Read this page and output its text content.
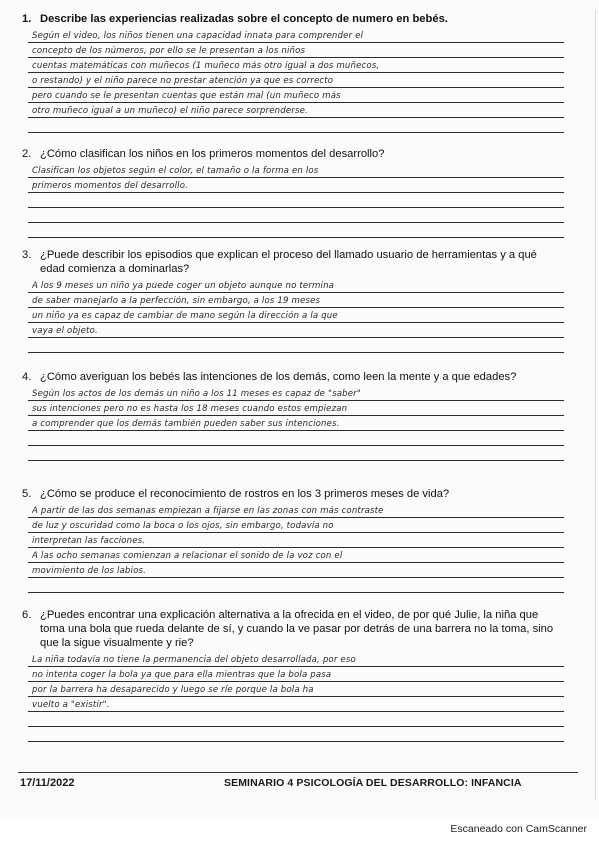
1. Describe las experiencias realizadas sobre el concepto de numero en bebés.
Según el video, los niños tienen una capacidad innata para comprender el
concepto de los números, por ello se le presentan a los niños
cuentas matemáticas con muñecos (1 muñeco más otro igual a dos muñecos,
o restando) y el niño parece no prestar atención ya que es correcto
pero cuando se le presentan cuentas que están mal (un muñeco más
otro muñeco igual a un muñeco) el niño parece sorprenderse.
2. ¿Cómo clasifican los niños en los primeros momentos del desarrollo?
Clasifican los objetos según el color, el tamaño o la forma en los
primeros momentos del desarrollo.
3. ¿Puede describir los episodios que explican el proceso del llamado usuario de herramientas y a qué edad comienza a dominarlas?
A los 9 meses un niño ya puede coger un objeto aunque no termina
de saber manejarlo a la perfección, sin embargo, a los 19 meses
un niño ya es capaz de cambiar de mano según la dirección a la que
vaya el objeto.
4. ¿Cómo averiguan los bebés las intenciones de los demás, como leen la mente y a que edades?
Según los actos de los demás un niño a los 11 meses es capaz de "saber"
sus intenciones pero no es hasta los 18 meses cuando estos empiezan
a comprender que los demás también pueden saber sus intenciones.
5. ¿Cómo se produce el reconocimiento de rostros en los 3 primeros meses de vida?
A partir de las dos semanas empiezan a fijarse en las zonas con más contraste
de luz y oscuridad como la boca o los ojos, sin embargo, todavía no
interpretan las facciones.
A las ocho semanas comienzan a relacionar el sonido de la voz con el
movimiento de los labios.
6. ¿Puedes encontrar una explicación alternativa a la ofrecida en el video, de por qué Julie, la niña que toma una bola que rueda delante de sí, y cuando la ve pasar por detrás de una barrera no la toma, sino que la sigue visualmente y rie?
La niña todavía no tiene la permanencia del objeto desarrollada, por eso
no intenta coger la bola ya que para ella mientras que la bola pasa
por la barrera ha desaparecido y luego se ríe porque la bola ha
vuelto a "existir".
17/11/2022	SEMINARIO 4 PSICOLOGÍA DEL DESARROLLO: INFANCIA
Escaneado con CamScanner
